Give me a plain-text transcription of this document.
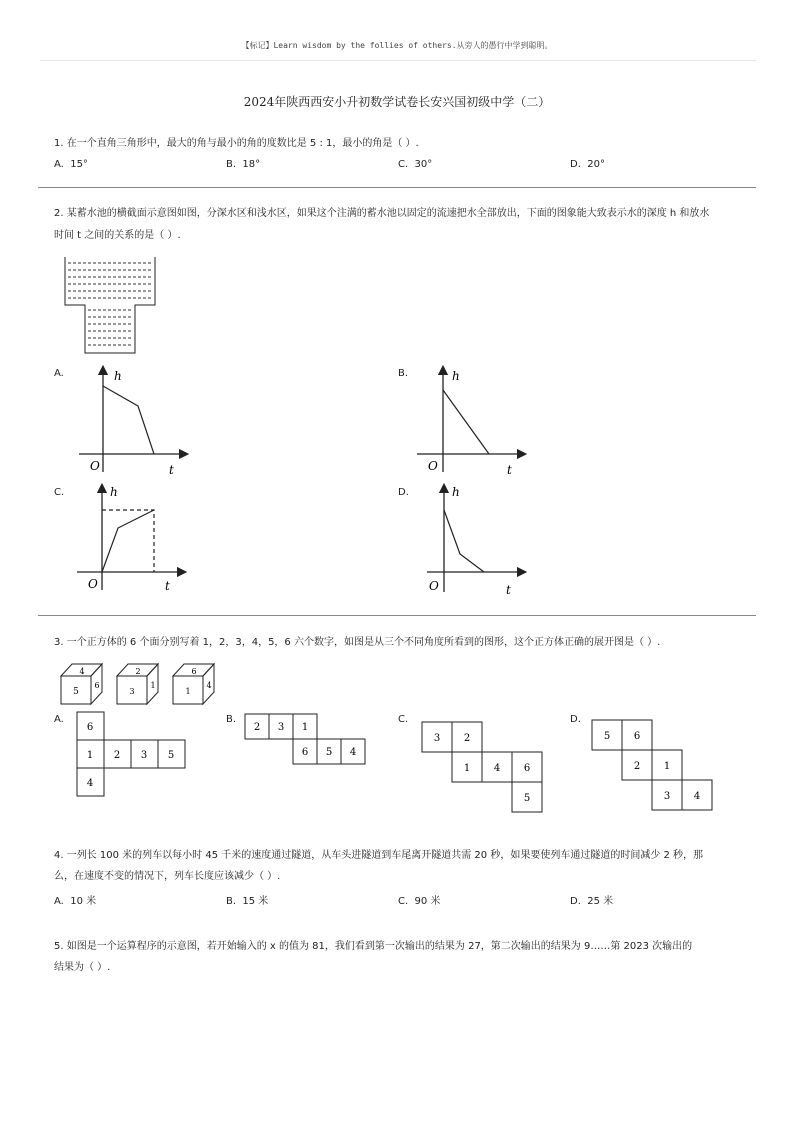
【标记】Learn wisdom by the follies of others.从旁人的愚行中学到聪明。
2024年陕西西安小升初数学试卷长安兴国初级中学（二）
1. 在一个直角三角形中，最大的角与最小的角的度数比是 5 : 1，最小的角是（ ）.
A. 15°	B. 18°	C. 30°	D. 20°
2. 某蓄水池的横截面示意图如图，分深水区和浅水区，如果这个注满的蓄水池以固定的流速把水全部放出，下面的图象能大致表示水的深度 h 和放水
时间 t 之间的关系的是（ ）.
A.	h
t
O
B.	h
t
O
C.	h
t
O
D.	h
t
O
3. 一个正方体的 6 个面分别写着 1，2，3，4，5，6 六个数字，如图是从三个不同角度所看到的图形，这个正方体正确的展开图是（ ）.
4
5
6
2
3
1
6
1
4
A.
6
1 2 3 5
4
B.
2 3 1
6 5 4
C.
3 2
1 4 6
5
D.
5 6
2 1
3 4
4. 一列长 100 米的列车以每小时 45 千米的速度通过隧道，从车头进隧道到车尾离开隧道共需 20 秒，如果要使列车通过隧道的时间减少 2 秒，那
么，在速度不变的情况下，列车长度应该减少（ ）.
A. 10 米	B. 15 米	C. 90 米	D. 25 米
5. 如图是一个运算程序的示意图，若开始输入的 x 的值为 81，我们看到第一次输出的结果为 27，第二次输出的结果为 9……第 2023 次输出的
结果为（ ）.
